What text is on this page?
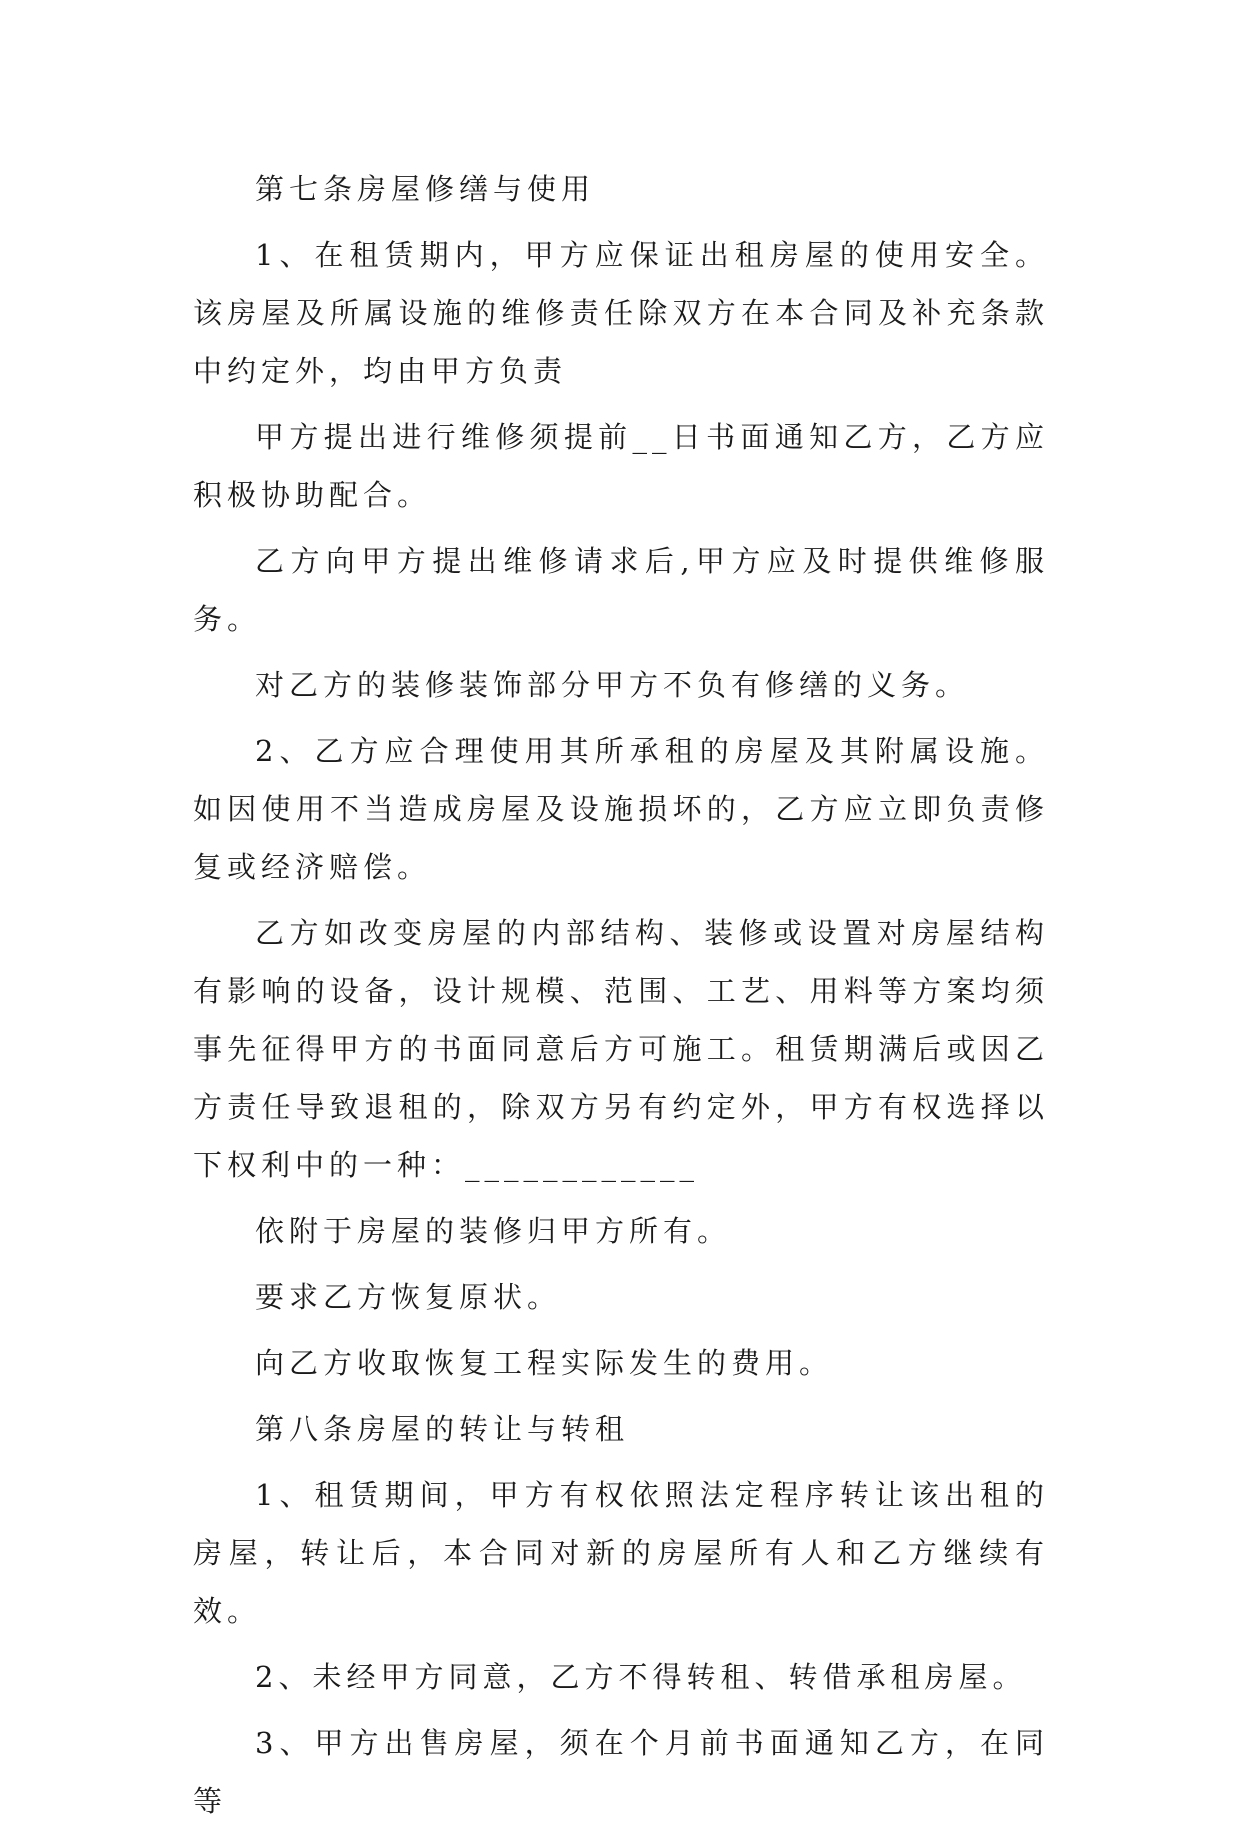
第七条房屋修缮与使用

1、在租赁期内，甲方应保证出租房屋的使用安全。该房屋及所属设施的维修责任除双方在本合同及补充条款中约定外，均由甲方负责

甲方提出进行维修须提前__日书面通知乙方，乙方应积极协助配合。

乙方向甲方提出维修请求后,甲方应及时提供维修服务。

对乙方的装修装饰部分甲方不负有修缮的义务。

2、乙方应合理使用其所承租的房屋及其附属设施。如因使用不当造成房屋及设施损坏的，乙方应立即负责修复或经济赔偿。

乙方如改变房屋的内部结构、装修或设置对房屋结构有影响的设备，设计规模、范围、工艺、用料等方案均须事先征得甲方的书面同意后方可施工。租赁期满后或因乙方责任导致退租的，除双方另有约定外，甲方有权选择以下权利中的一种：____________

依附于房屋的装修归甲方所有。

要求乙方恢复原状。

向乙方收取恢复工程实际发生的费用。

第八条房屋的转让与转租

1、租赁期间，甲方有权依照法定程序转让该出租的房屋，转让后，本合同对新的房屋所有人和乙方继续有效。

2、未经甲方同意，乙方不得转租、转借承租房屋。

3、甲方出售房屋，须在个月前书面通知乙方，在同等
